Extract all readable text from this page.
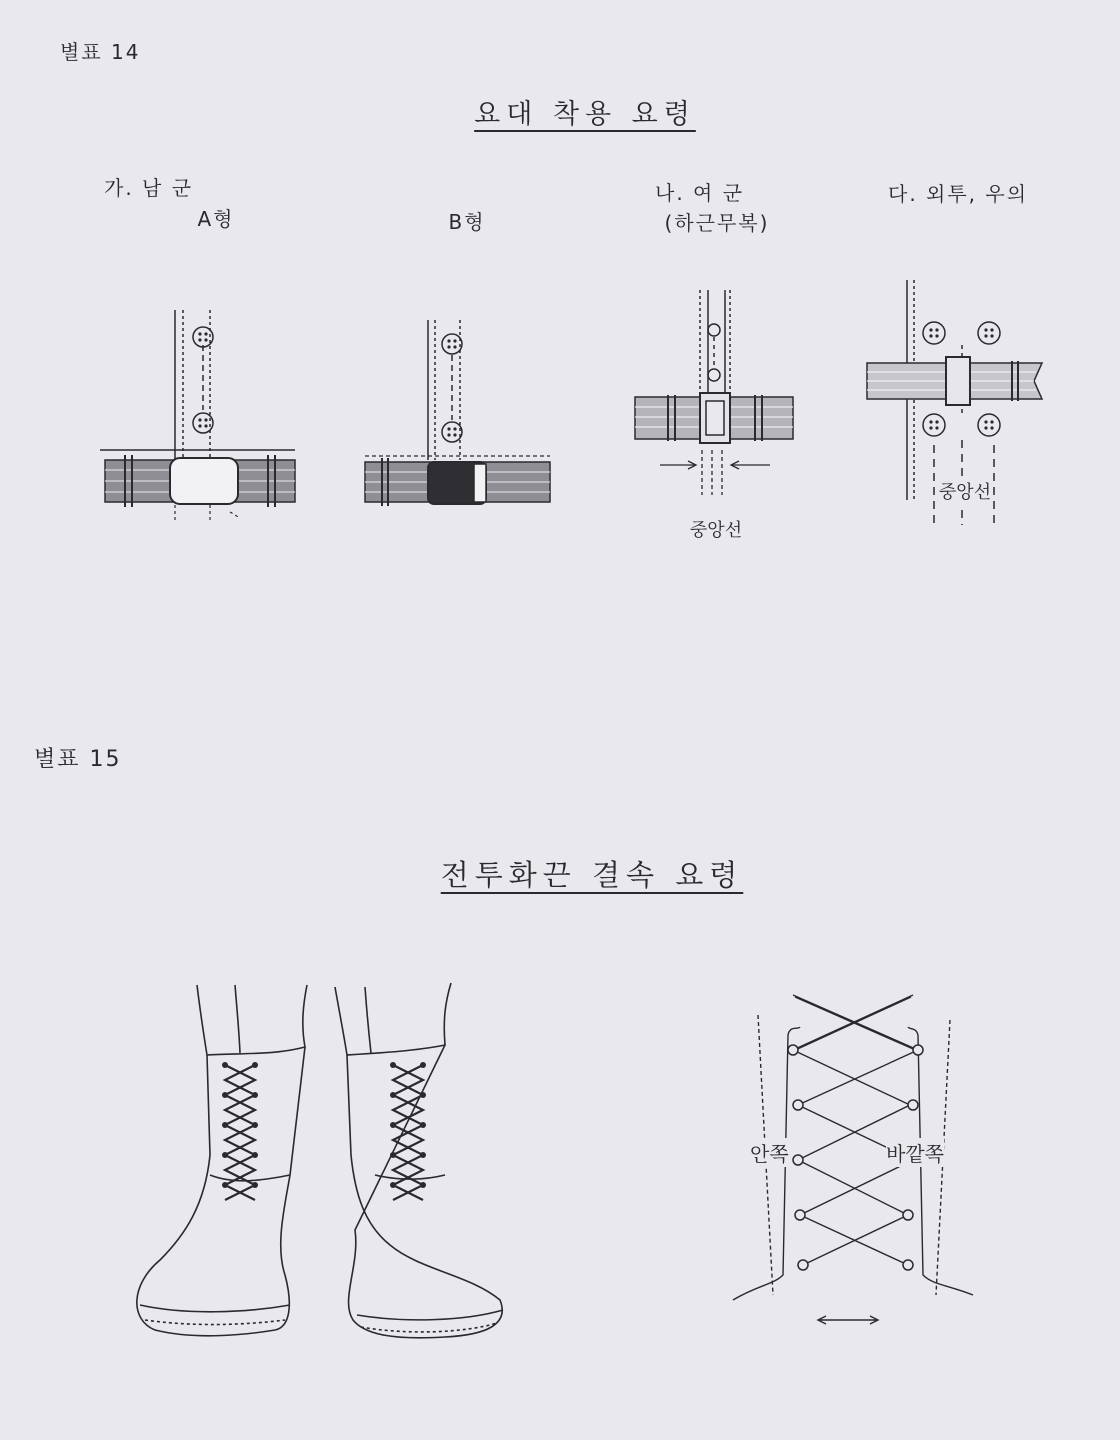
별표 14
요대 착용 요령
가. 남 군
A형	B형
나. 여 군
(하근무복)
다. 외투, 우의
중앙선
중앙선
별표 15
전투화끈 결속 요령
안쪽	바깥쪽
